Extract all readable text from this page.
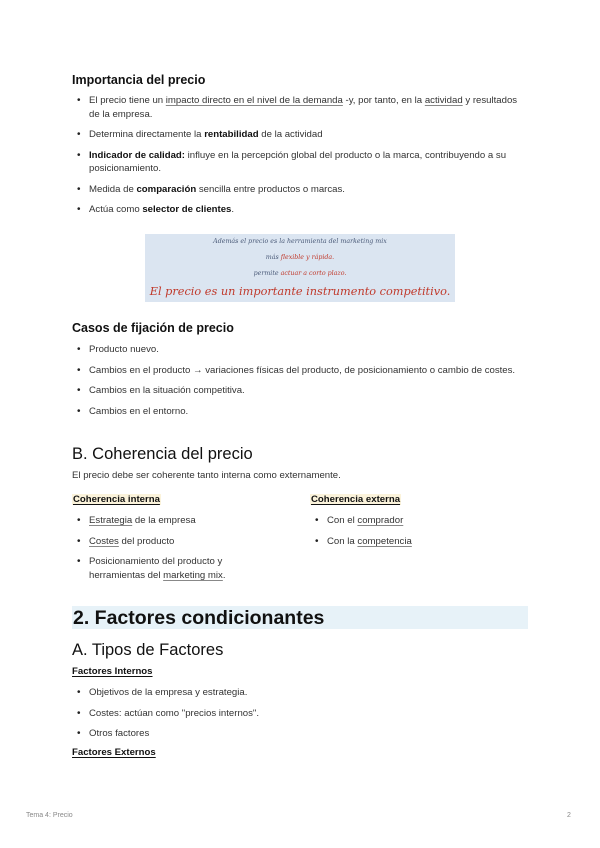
Importancia del precio
• El precio tiene un impacto directo en el nivel de la demanda -y, por tanto, en la actividad y resultados de la empresa.
• Determina directamente la rentabilidad de la actividad
• Indicador de calidad: influye en la percepción global del producto o la marca, contribuyendo a su posicionamiento.
• Medida de comparación sencilla entre productos o marcas.
• Actúa como selector de clientes.
Además el precio es la herramienta del marketing mix
más flexible y rápida.
permite actuar a corto plazo.
El precio es un importante instrumento competitivo.
Casos de fijación de precio
• Producto nuevo.
• Cambios en el producto → variaciones físicas del producto, de posicionamiento o cambio de costes.
• Cambios en la situación competitiva.
• Cambios en el entorno.
B. Coherencia del precio
El precio debe ser coherente tanto interna como externamente.
Coherencia interna
• Estrategia de la empresa
• Costes del producto
• Posicionamiento del producto y herramientas del marketing mix.
Coherencia externa
• Con el comprador
• Con la competencia
2. Factores condicionantes
A. Tipos de Factores
Factores Internos
• Objetivos de la empresa y estrategia.
• Costes: actúan como "precios internos".
• Otros factores
Factores Externos
Tema 4: Precio	2
